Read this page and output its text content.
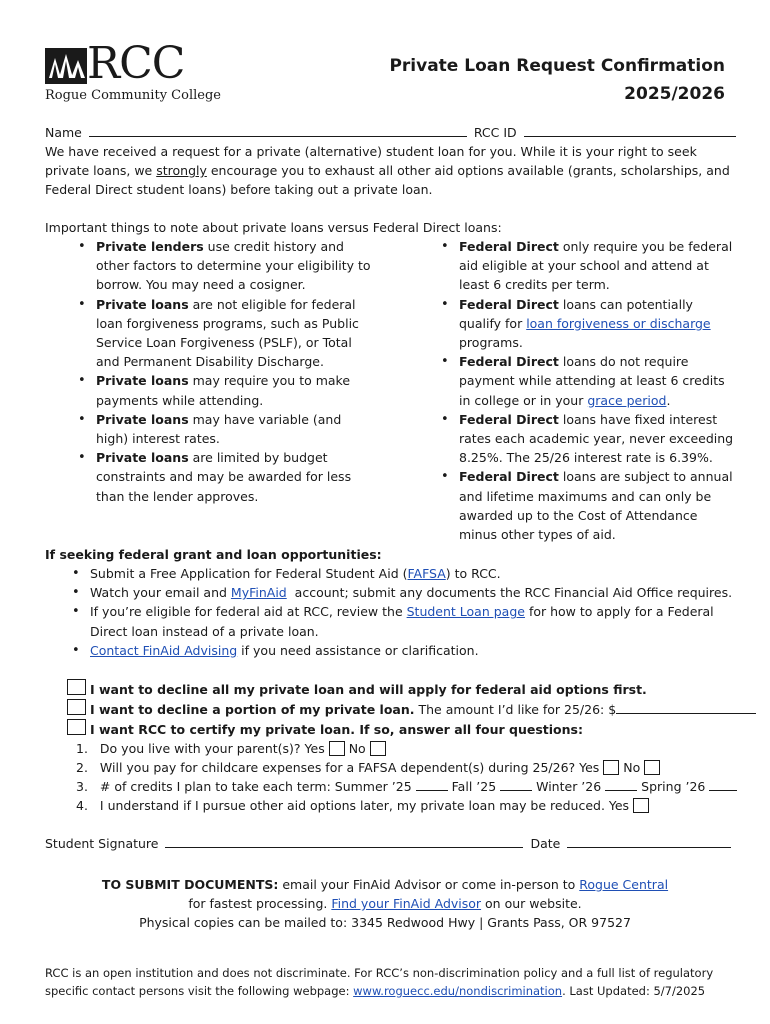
RCC
Rogue Community College
Private Loan Request Confirmation
2025/2026
Name	RCC ID
We have received a request for a private (alternative) student loan for you. While it is your right to seek
private loans, we strongly encourage you to exhaust all other aid options available (grants, scholarships, and
Federal Direct student loans) before taking out a private loan.
Important things to note about private loans versus Federal Direct loans:
• Private lenders use credit history and other factors to determine your eligibility to borrow. You may need a cosigner.
• Private loans are not eligible for federal loan forgiveness programs, such as Public Service Loan Forgiveness (PSLF), or Total and Permanent Disability Discharge.
• Private loans may require you to make payments while attending.
• Private loans may have variable (and high) interest rates.
• Private loans are limited by budget constraints and may be awarded for less than the lender approves.
• Federal Direct only require you be federal aid eligible at your school and attend at least 6 credits per term.
• Federal Direct loans can potentially qualify for loan forgiveness or discharge programs.
• Federal Direct loans do not require payment while attending at least 6 credits in college or in your grace period.
• Federal Direct loans have fixed interest rates each academic year, never exceeding 8.25%. The 25/26 interest rate is 6.39%.
• Federal Direct loans are subject to annual and lifetime maximums and can only be awarded up to the Cost of Attendance minus other types of aid.
If seeking federal grant and loan opportunities:
• Submit a Free Application for Federal Student Aid (FAFSA) to RCC.
• Watch your email and MyFinAid  account; submit any documents the RCC Financial Aid Office requires.
• If you’re eligible for federal aid at RCC, review the Student Loan page for how to apply for a Federal
Direct loan instead of a private loan.
• Contact FinAid Advising if you need assistance or clarification.
I want to decline all my private loan and will apply for federal aid options first.
I want to decline a portion of my private loan. The amount I’d like for 25/26: $
I want RCC to certify my private loan. If so, answer all four questions:
1. Do you live with your parent(s)? Yes No
2. Will you pay for childcare expenses for a FAFSA dependent(s) during 25/26? Yes No
3. # of credits I plan to take each term: Summer ’25	Fall ’25	Winter ’26	Spring ’26
4. I understand if I pursue other aid options later, my private loan may be reduced. Yes
Student Signature	Date
TO SUBMIT DOCUMENTS: email your FinAid Advisor or come in-person to Rogue Central
for fastest processing. Find your FinAid Advisor on our website.
Physical copies can be mailed to: 3345 Redwood Hwy | Grants Pass, OR 97527
RCC is an open institution and does not discriminate. For RCC’s non-discrimination policy and a full list of regulatory
specific contact persons visit the following webpage: www.roguecc.edu/nondiscrimination. Last Updated: 5/7/2025
